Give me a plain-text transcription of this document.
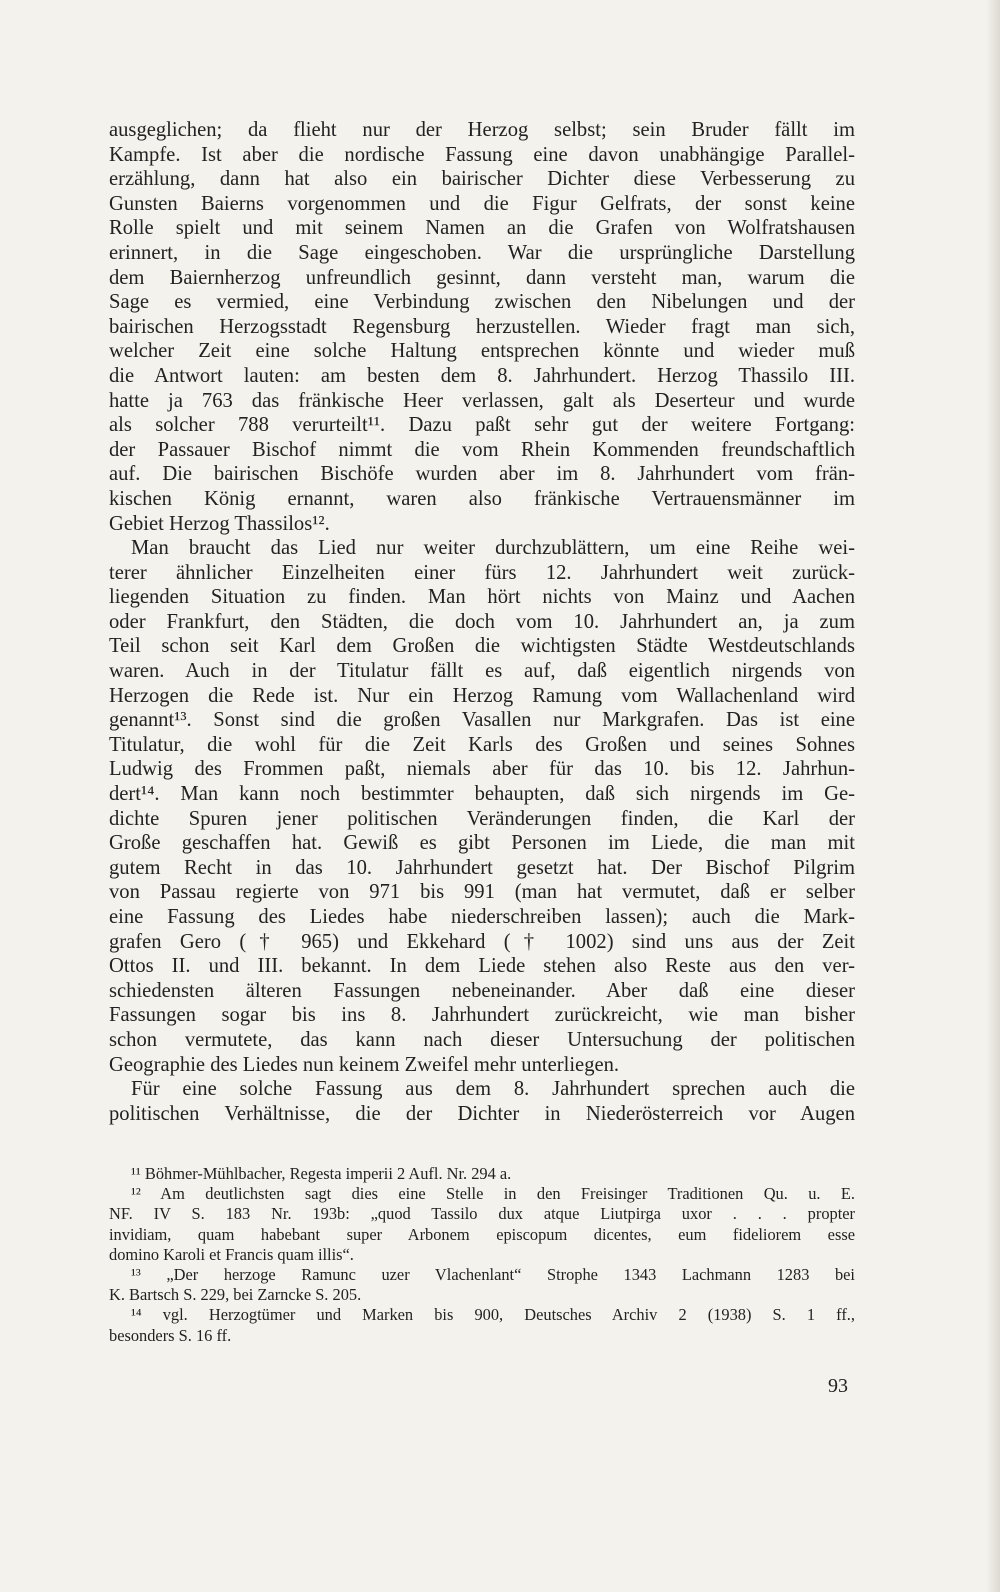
ausgeglichen; da flieht nur der Herzog selbst; sein Bruder fällt im
Kampfe. Ist aber die nordische Fassung eine davon unabhängige Parallel-
erzählung, dann hat also ein bairischer Dichter diese Verbesserung zu
Gunsten Baierns vorgenommen und die Figur Gelfrats, der sonst keine
Rolle spielt und mit seinem Namen an die Grafen von Wolfratshausen
erinnert, in die Sage eingeschoben. War die ursprüngliche Darstellung
dem Baiernherzog unfreundlich gesinnt, dann versteht man, warum die
Sage es vermied, eine Verbindung zwischen den Nibelungen und der
bairischen Herzogsstadt Regensburg herzustellen. Wieder fragt man sich,
welcher Zeit eine solche Haltung entsprechen könnte und wieder muß
die Antwort lauten: am besten dem 8. Jahrhundert. Herzog Thassilo III.
hatte ja 763 das fränkische Heer verlassen, galt als Deserteur und wurde
als solcher 788 verurteilt¹¹. Dazu paßt sehr gut der weitere Fortgang:
der Passauer Bischof nimmt die vom Rhein Kommenden freundschaftlich
auf. Die bairischen Bischöfe wurden aber im 8. Jahrhundert vom frän-
kischen König ernannt, waren also fränkische Vertrauensmänner im
Gebiet Herzog Thassilos¹².
Man braucht das Lied nur weiter durchzublättern, um eine Reihe wei-
terer ähnlicher Einzelheiten einer fürs 12. Jahrhundert weit zurück-
liegenden Situation zu finden. Man hört nichts von Mainz und Aachen
oder Frankfurt, den Städten, die doch vom 10. Jahrhundert an, ja zum
Teil schon seit Karl dem Großen die wichtigsten Städte Westdeutschlands
waren. Auch in der Titulatur fällt es auf, daß eigentlich nirgends von
Herzogen die Rede ist. Nur ein Herzog Ramung vom Wallachenland wird
genannt¹³. Sonst sind die großen Vasallen nur Markgrafen. Das ist eine
Titulatur, die wohl für die Zeit Karls des Großen und seines Sohnes
Ludwig des Frommen paßt, niemals aber für das 10. bis 12. Jahrhun-
dert¹⁴. Man kann noch bestimmter behaupten, daß sich nirgends im Ge-
dichte Spuren jener politischen Veränderungen finden, die Karl der
Große geschaffen hat. Gewiß es gibt Personen im Liede, die man mit
gutem Recht in das 10. Jahrhundert gesetzt hat. Der Bischof Pilgrim
von Passau regierte von 971 bis 991 (man hat vermutet, daß er selber
eine Fassung des Liedes habe niederschreiben lassen); auch die Mark-
grafen Gero († 965) und Ekkehard († 1002) sind uns aus der Zeit
Ottos II. und III. bekannt. In dem Liede stehen also Reste aus den ver-
schiedensten älteren Fassungen nebeneinander. Aber daß eine dieser
Fassungen sogar bis ins 8. Jahrhundert zurückreicht, wie man bisher
schon vermutete, das kann nach dieser Untersuchung der politischen
Geographie des Liedes nun keinem Zweifel mehr unterliegen.
Für eine solche Fassung aus dem 8. Jahrhundert sprechen auch die
politischen Verhältnisse, die der Dichter in Niederösterreich vor Augen
¹¹ Böhmer-Mühlbacher, Regesta imperii 2 Aufl. Nr. 294 a.
¹² Am deutlichsten sagt dies eine Stelle in den Freisinger Traditionen Qu. u. E.
NF. IV S. 183 Nr. 193b: „quod Tassilo dux atque Liutpirga uxor . . . propter
invidiam, quam habebant super Arbonem episcopum dicentes, eum fideliorem esse
domino Karoli et Francis quam illis“.
¹³ „Der herzoge Ramunc uzer Vlachenlant“ Strophe 1343 Lachmann 1283 bei
K. Bartsch S. 229, bei Zarncke S. 205.
¹⁴ vgl. Herzogtümer und Marken bis 900, Deutsches Archiv 2 (1938) S. 1 ff.,
besonders S. 16 ff.
93
